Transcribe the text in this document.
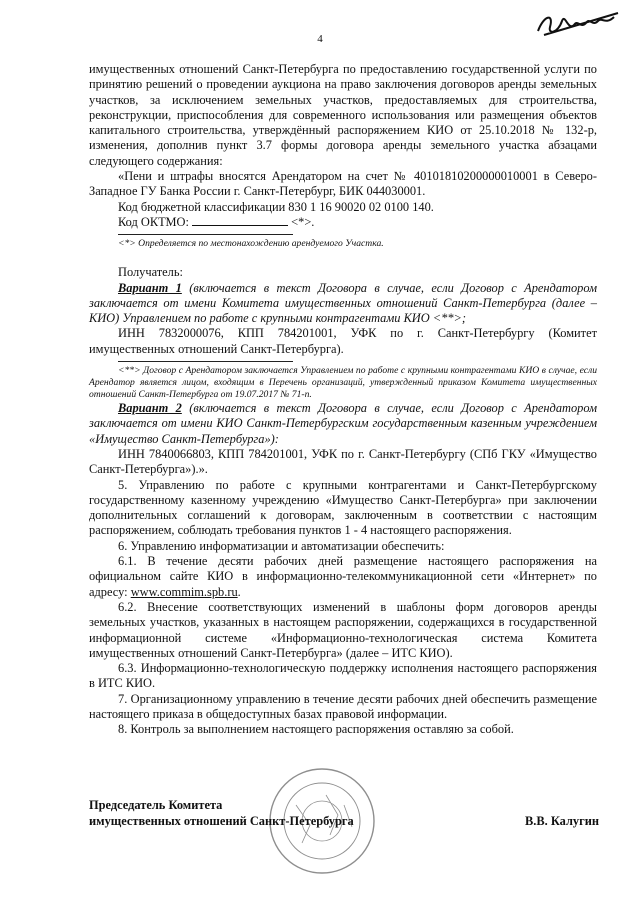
4

имущественных отношений Санкт-Петербурга по предоставлению государственной услуги по принятию решений о проведении аукциона на право заключения договоров аренды земельных участков, за исключением земельных участков, предоставляемых для строительства, реконструкции, приспособления для современного использования или размещения объектов капитального строительства, утверждённый распоряжением КИО от 25.10.2018 № 132-р, изменения, дополнив пункт 3.7 формы договора аренды земельного участка абзацами следующего содержания:

«Пени и штрафы вносятся Арендатором на счет № 40101810200000010001 в Северо-Западное ГУ Банка России г. Санкт-Петербург, БИК 044030001.

Код бюджетной классификации 830 1 16 90020 02 0100 140.

Код ОКТМО:	<*>.

<*> Определяется по местонахождению арендуемого Участка.

Получатель:

Вариант 1 (включается в текст Договора в случае, если Договор с Арендатором заключается от имени Комитета имущественных отношений Санкт-Петербурга (далее – КИО) Управлением по работе с крупными контрагентами КИО <**>;

ИНН 7832000076, КПП 784201001, УФК по г. Санкт-Петербургу (Комитет имущественных отношений Санкт-Петербурга).

<**> Договор с Арендатором заключается Управлением по работе с крупными контрагентами КИО в случае, если Арендатор является лицом, входящим в Перечень организаций, утвержденный приказом Комитета имущественных отношений Санкт-Петербурга от 19.07.2017 № 71-п.

Вариант 2 (включается в текст Договора в случае, если Договор с Арендатором заключается от имени КИО Санкт-Петербургским государственным казенным учреждением «Имущество Санкт-Петербурга»):

ИНН 7840066803, КПП 784201001, УФК по г. Санкт-Петербургу (СПб ГКУ «Имущество Санкт-Петербурга»).».

5. Управлению по работе с крупными контрагентами и Санкт-Петербургскому государственному казенному учреждению «Имущество Санкт-Петербурга» при заключении дополнительных соглашений к договорам, заключенным в соответствии с настоящим распоряжением, соблюдать требования пунктов 1 - 4 настоящего распоряжения.

6. Управлению информатизации и автоматизации обеспечить:

6.1. В течение десяти рабочих дней размещение настоящего распоряжения на официальном сайте КИО в информационно-телекоммуникационной сети «Интернет» по адресу: www.commim.spb.ru.

6.2. Внесение соответствующих изменений в шаблоны форм договоров аренды земельных участков, указанных в настоящем распоряжении, содержащихся в государственной информационной системе «Информационно-технологическая система Комитета имущественных отношений Санкт-Петербурга» (далее – ИТС КИО).

6.3. Информационно-технологическую поддержку исполнения настоящего распоряжения в ИТС КИО.

7. Организационному управлению в течение десяти рабочих дней обеспечить размещение настоящего приказа в общедоступных базах правовой информации.

8. Контроль за выполнением настоящего распоряжения оставляю за собой.

Председатель Комитета
имущественных отношений Санкт-Петербурга	В.В. Калугин
